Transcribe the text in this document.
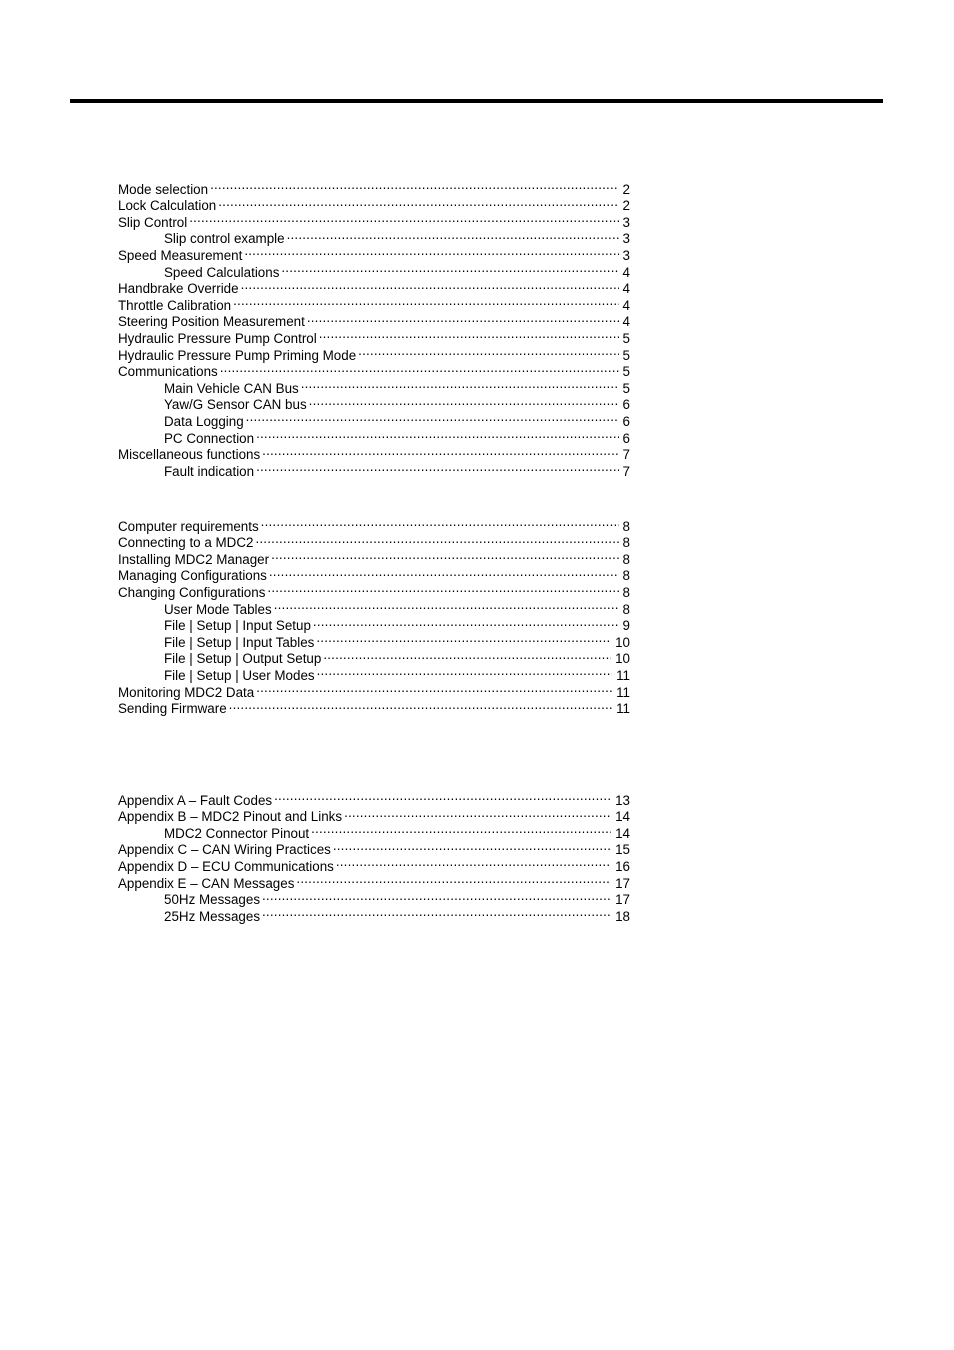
Mode selection .....	2
Lock Calculation .....	2
Slip Control .....	3
Slip control example .....	3
Speed Measurement .....	3
Speed Calculations .....	4
Handbrake Override .....	4
Throttle Calibration .....	4
Steering Position Measurement .....	4
Hydraulic Pressure Pump Control .....	5
Hydraulic Pressure Pump Priming Mode .....	5
Communications .....	5
Main Vehicle CAN Bus .....	5
Yaw/G Sensor CAN bus .....	6
Data Logging .....	6
PC Connection .....	6
Miscellaneous functions .....	7
Fault indication .....	7
Computer requirements .....	8
Connecting to a MDC2 .....	8
Installing MDC2 Manager .....	8
Managing Configurations .....	8
Changing Configurations .....	8
User Mode Tables .....	8
File | Setup | Input Setup .....	9
File | Setup | Input Tables .....	10
File | Setup | Output Setup .....	10
File | Setup | User Modes .....	11
Monitoring MDC2 Data .....	11
Sending Firmware .....	11
Appendix A – Fault Codes .....	13
Appendix B – MDC2 Pinout and Links .....	14
MDC2 Connector Pinout .....	14
Appendix C – CAN Wiring Practices .....	15
Appendix D – ECU Communications .....	16
Appendix E – CAN Messages .....	17
50Hz Messages .....	17
25Hz Messages .....	18
